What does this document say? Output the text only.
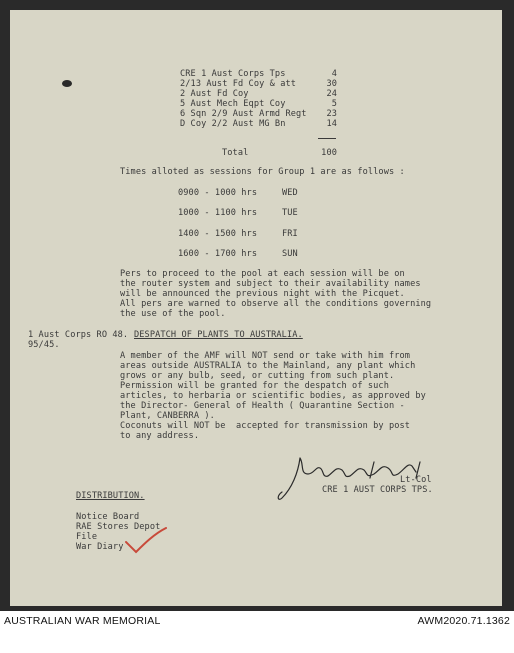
CRE 1 Aust Corps Tps	4
2/13 Aust Fd Coy & att	30
2 Aust Fd Coy	24
5 Aust Mech Eqpt Coy	5
6 Sqn 2/9 Aust Armd Regt	23
D Coy 2/2 Aust MG Bn	14
Total	100
Times alloted as sessions for Group 1 are as follows :
0900 - 1000 hrs	WED
1000 - 1100 hrs	TUE
1400 - 1500 hrs	FRI
1600 - 1700 hrs	SUN
Pers to proceed to the pool at each session will be on
the router system and subject to their availability names
will be announced the previous night with the Picquet.
All pers are warned to observe all the conditions governing
the use of the pool.
1 Aust Corps RO 48.
95/45.
DESPATCH OF PLANTS TO AUSTRALIA.
A member of the AMF will NOT send or take with him from
areas outside AUSTRALIA to the Mainland, any plant which
grows or any bulb, seed, or cutting from such plant.
Permission will be granted for the despatch of such
articles, to herbaria or scientific bodies, as approved by
the Director- General of Health ( Quarantine Section -
Plant, CANBERRA ).
Coconuts will NOT be  accepted for transmission by post
to any address.
Lt-Col
CRE 1 AUST CORPS TPS.
DISTRIBUTION.
Notice Board
RAE Stores Depot
File
War Diary
AUSTRALIAN WAR MEMORIAL	AWM2020.71.1362
